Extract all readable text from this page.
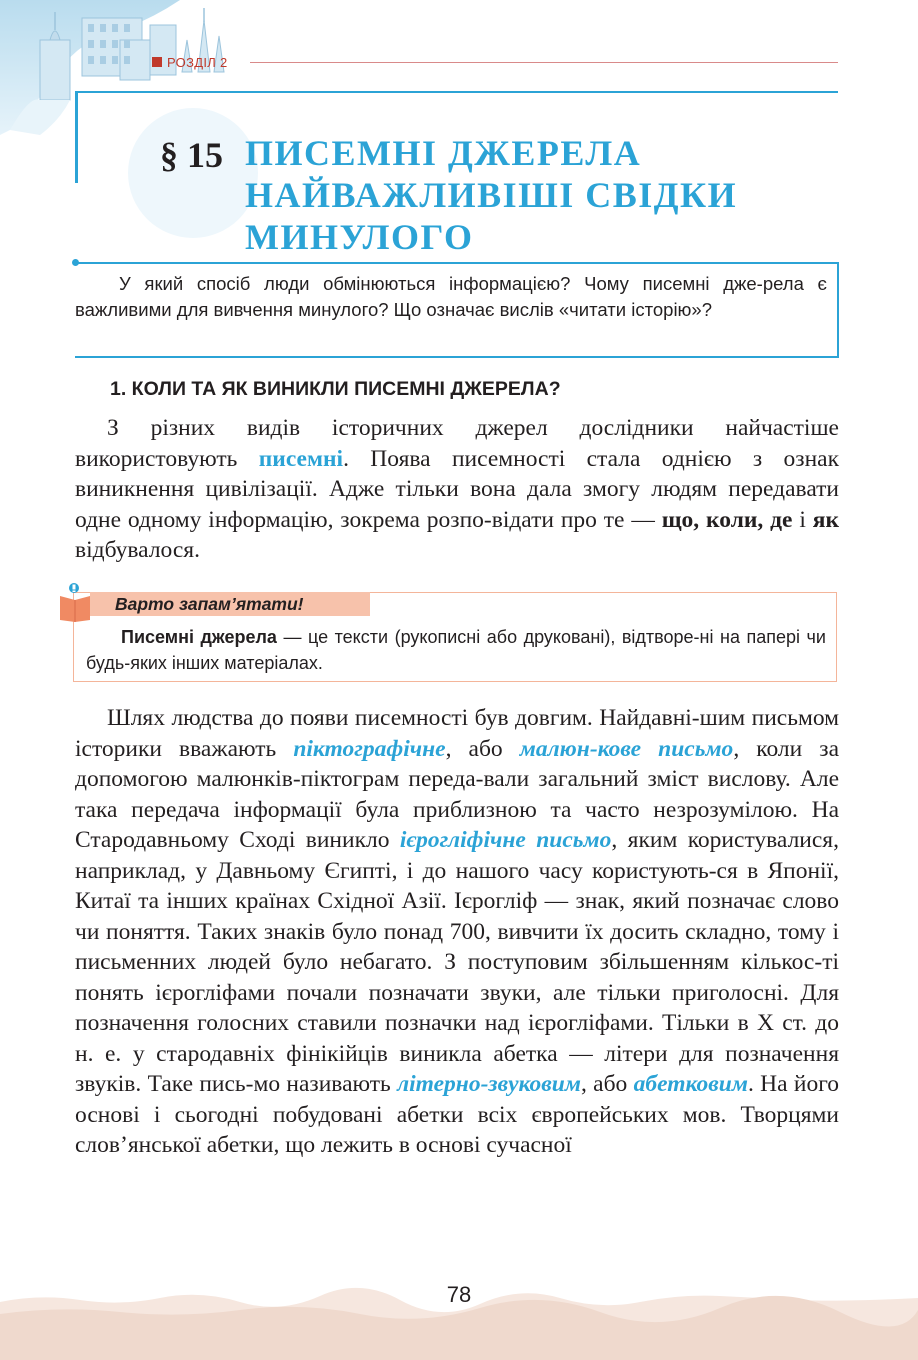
РОЗДІЛ 2
§ 15 ПИСЕМНІ ДЖЕРЕЛА
НАЙВАЖЛИВІШІ СВІДКИ
МИНУЛОГО
У який спосіб люди обмінюються інформацією? Чому писемні дже-рела є важливими для вивчення минулого? Що означає вислів «читати історію»?
1. КОЛИ ТА ЯК ВИНИКЛИ ПИСЕМНІ ДЖЕРЕЛА?

З різних видів історичних джерел дослідники найчастіше використовують писемні. Поява писемності стала однією з ознак виникнення цивілізації. Адже тільки вона дала змогу людям передавати одне одному інформацію, зокрема розпо-відати про те — що, коли, де і як відбувалося.

Варто запам’ятати!
Писемні джерела — це тексти (рукописні або друковані), відтворе-ні на папері чи будь-яких інших матеріалах.

Шлях людства до появи писемності був довгим. Найдавні-шим письмом історики вважають піктографічне, або малюн-кове письмо, коли за допомогою малюнків-піктограм переда-вали загальний зміст вислову. Але така передача інформації була приблизною та часто незрозумілою. На Стародавньому Сході виникло ієрогліфічне письмо, яким користувалися, наприклад, у Давньому Єгипті, і до нашого часу користують-ся в Японії, Китаї та інших країнах Східної Азії. Ієрогліф — знак, який позначає слово чи поняття. Таких знаків було понад 700, вивчити їх досить складно, тому і письменних людей було небагато. З поступовим збільшенням кількос-ті понять ієрогліфами почали позначати звуки, але тільки приголосні. Для позначення голосних ставили позначки над ієрогліфами. Тільки в X ст. до н. е. у стародавніх фінікійців виникла абетка — літери для позначення звуків. Таке пись-мо називають літерно-звуковим, або абетковим. На його основі і сьогодні побудовані абетки всіх європейських мов. Творцями слов’янської абетки, що лежить в основі сучасної

78
